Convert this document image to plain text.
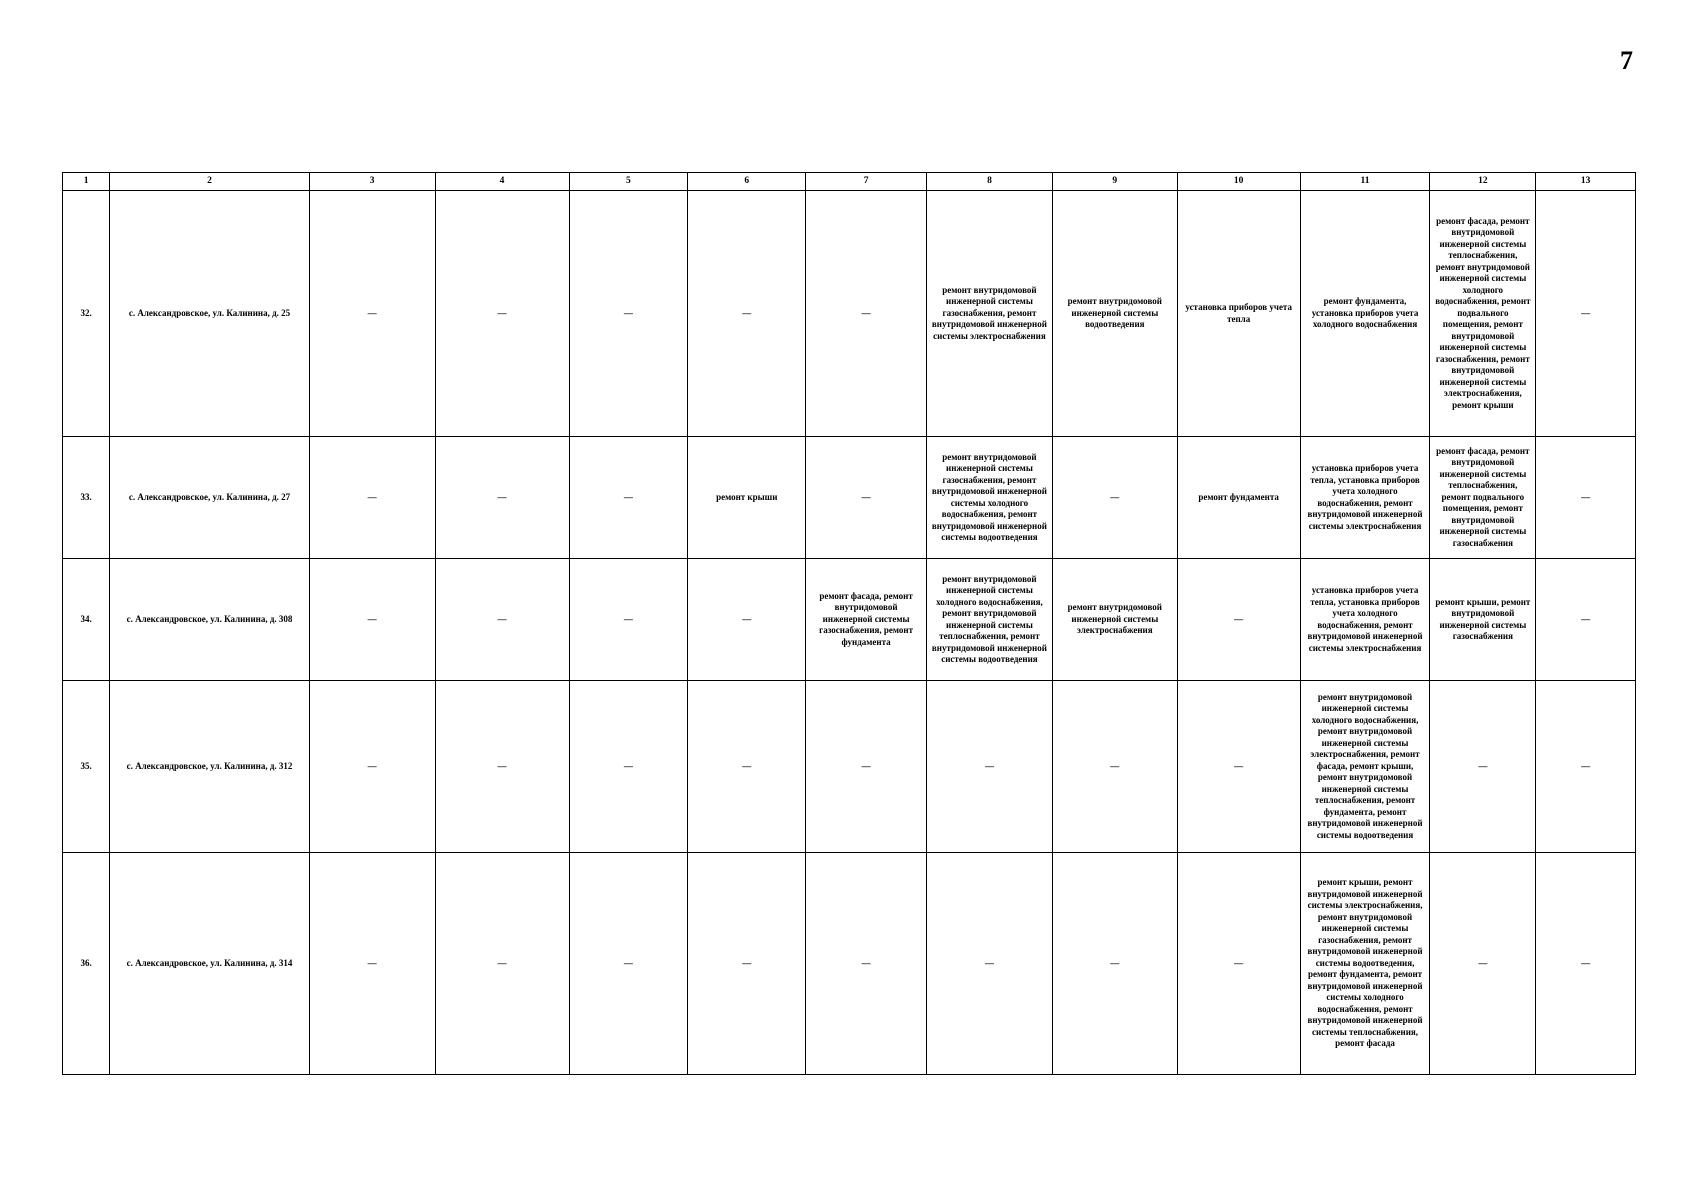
7
1	2	3	4	5	6	7	8	9	10	11	12	13
32.	с. Александровское, ул. Калинина, д. 25	—	—	—	—	—	ремонт внутридомовой инженерной системы газоснабжения, ремонт внутридомовой инженерной системы электроснабжения	ремонт внутридомовой инженерной системы водоотведения	установка приборов учета тепла	ремонт фундамента, установка приборов учета холодного водоснабжения	ремонт фасада, ремонт внутридомовой инженерной системы теплоснабжения, ремонт внутридомовой инженерной системы холодного водоснабжения, ремонт подвального помещения, ремонт внутридомовой инженерной системы газоснабжения, ремонт внутридомовой инженерной системы электроснабжения, ремонт крыши	—
33.	с. Александровское, ул. Калинина, д. 27	—	—	—	ремонт крыши	—	ремонт внутридомовой инженерной системы газоснабжения, ремонт внутридомовой инженерной системы холодного водоснабжения, ремонт внутридомовой инженерной системы водоотведения	—	ремонт фундамента	установка приборов учета тепла, установка приборов учета холодного водоснабжения, ремонт внутридомовой инженерной системы электроснабжения	ремонт фасада, ремонт внутридомовой инженерной системы теплоснабжения, ремонт подвального помещения, ремонт внутридомовой инженерной системы газоснабжения	—
34.	с. Александровское, ул. Калинина, д. 308	—	—	—	—	ремонт фасада, ремонт внутридомовой инженерной системы газоснабжения, ремонт фундамента	ремонт внутридомовой инженерной системы холодного водоснабжения, ремонт внутридомовой инженерной системы теплоснабжения, ремонт внутридомовой инженерной системы водоотведения	ремонт внутридомовой инженерной системы электроснабжения	—	установка приборов учета тепла, установка приборов учета холодного водоснабжения, ремонт внутридомовой инженерной системы электроснабжения	ремонт крыши, ремонт внутридомовой инженерной системы газоснабжения	—
35.	с. Александровское, ул. Калинина, д. 312	—	—	—	—	—	—	—	—	ремонт внутридомовой инженерной системы холодного водоснабжения, ремонт внутридомовой инженерной системы электроснабжения, ремонт фасада, ремонт крыши, ремонт внутридомовой инженерной системы теплоснабжения, ремонт фундамента, ремонт внутридомовой инженерной системы водоотведения	—	—
36.	с. Александровское, ул. Калинина, д. 314	—	—	—	—	—	—	—	—	ремонт крыши, ремонт внутридомовой инженерной системы электроснабжения, ремонт внутридомовой инженерной системы газоснабжения, ремонт внутридомовой инженерной системы водоотведения, ремонт фундамента, ремонт внутридомовой инженерной системы холодного водоснабжения, ремонт внутридомовой инженерной системы теплоснабжения, ремонт фасада	—	—
